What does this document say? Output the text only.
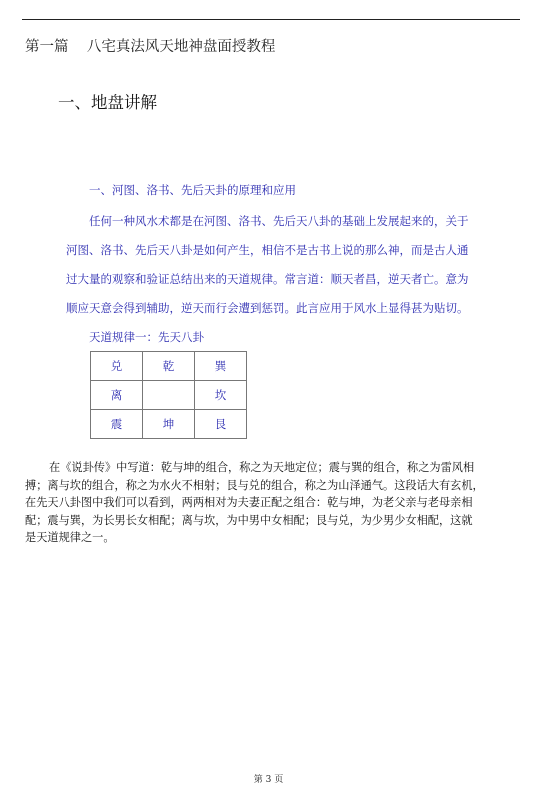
第一篇    八宅真法风天地神盘面授教程
一、地盘讲解
一、河图、洛书、先后天卦的原理和应用
任何一种风水术都是在河图、洛书、先后天八卦的基础上发展起来的，关于
河图、洛书、先后天八卦是如何产生，相信不是古书上说的那么神，而是古人通
过大量的观察和验证总结出来的天道规律。常言道：顺天者昌，逆天者亡。意为
顺应天意会得到辅助，逆天而行会遭到惩罚。此言应用于风水上显得甚为贴切。
天道规律一：先天八卦
兑	乾	巽
离		坎
震	坤	艮
在《说卦传》中写道：乾与坤的组合，称之为天地定位；震与巽的组合，称之为雷风相
搏；离与坎的组合，称之为水火不相射；艮与兑的组合，称之为山泽通气。这段话大有玄机，
在先天八卦图中我们可以看到，两两相对为夫妻正配之组合：乾与坤，为老父亲与老母亲相
配；震与巽，为长男长女相配；离与坎，为中男中女相配；艮与兑，为少男少女相配，这就
是天道规律之一。
第 3 页
